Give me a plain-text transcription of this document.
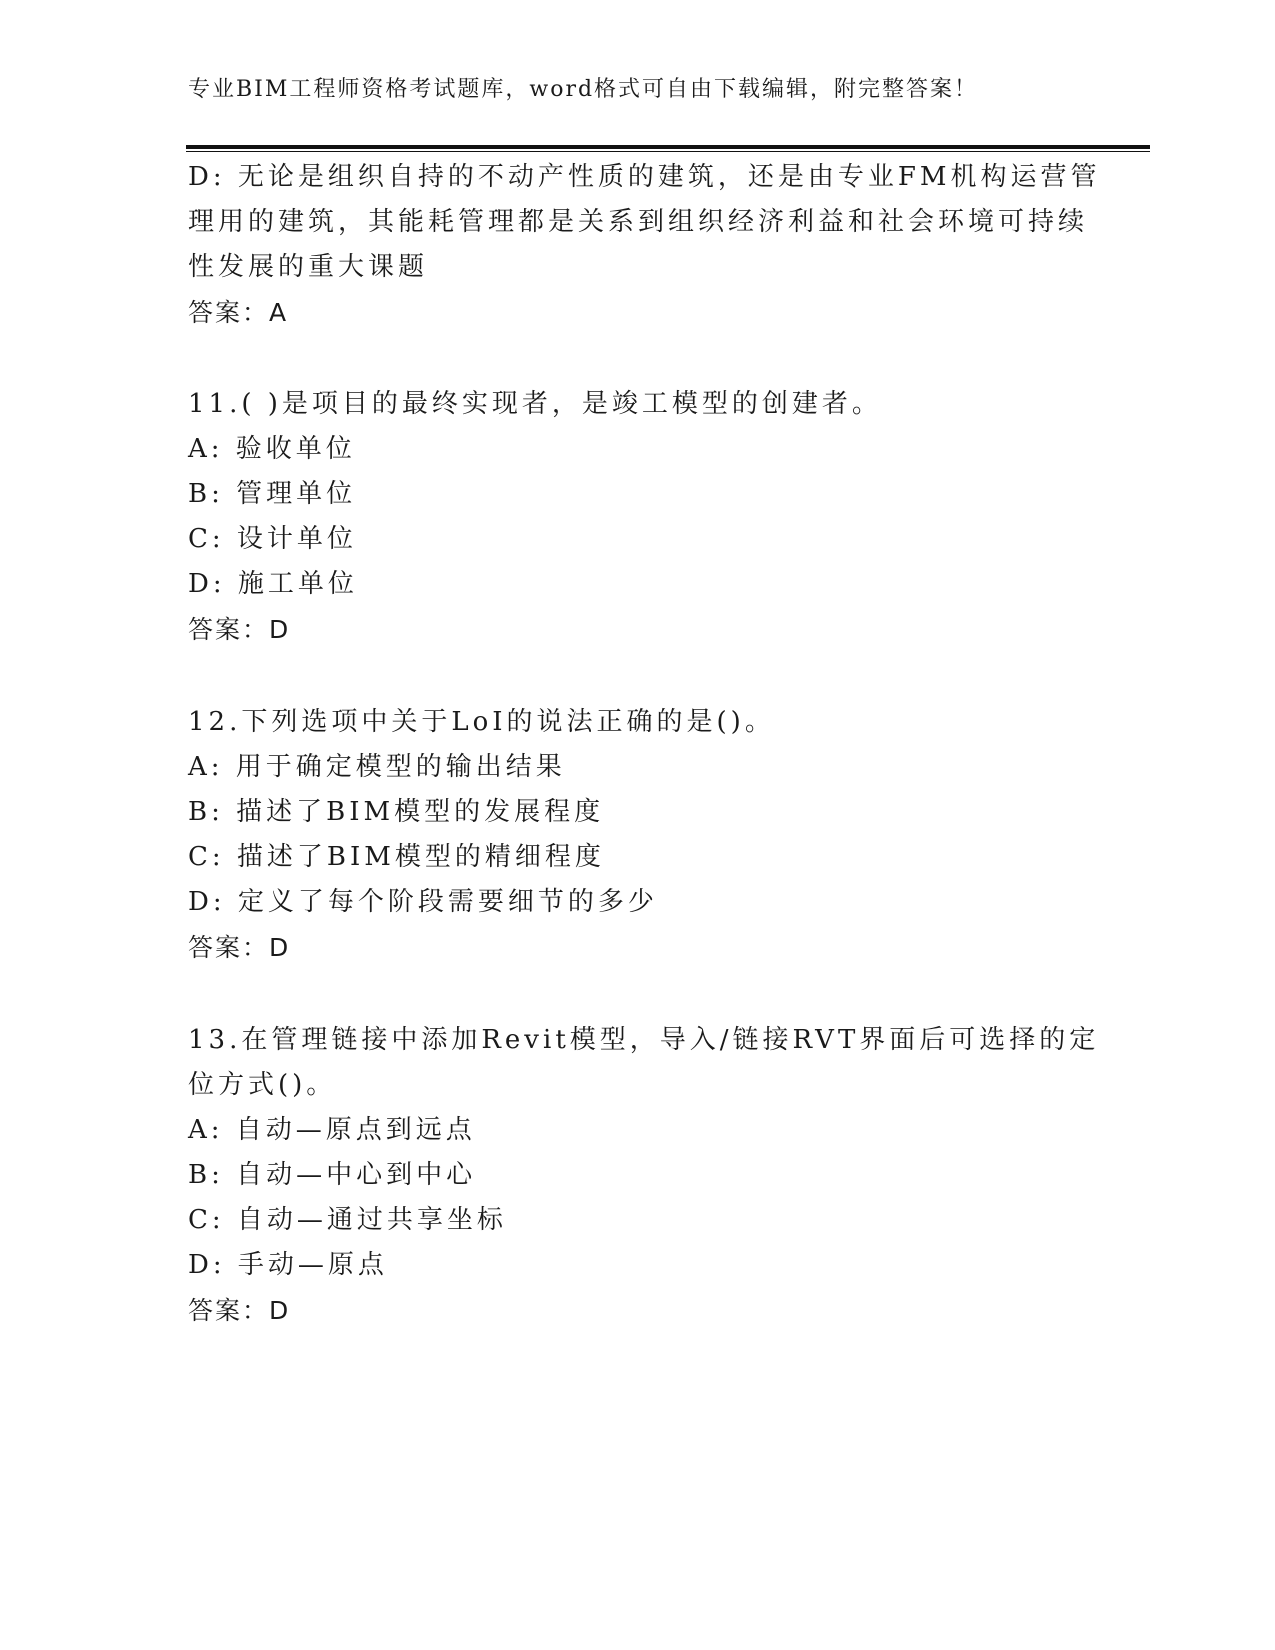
专业BIM工程师资格考试题库，word格式可自由下载编辑，附完整答案！
D: 无论是组织自持的不动产性质的建筑，还是由专业FM机构运营管
理用的建筑，其能耗管理都是关系到组织经济利益和社会环境可持续
性发展的重大课题
答案：A
11.( )是项目的最终实现者，是竣工模型的创建者。
A: 验收单位
B: 管理单位
C: 设计单位
D: 施工单位
答案：D
12.下列选项中关于LoI的说法正确的是()。
A: 用于确定模型的输出结果
B: 描述了BIM模型的发展程度
C: 描述了BIM模型的精细程度
D: 定义了每个阶段需要细节的多少
答案：D
13.在管理链接中添加Revit模型，导入/链接RVT界面后可选择的定
位方式()。
A: 自动—原点到远点
B: 自动—中心到中心
C: 自动—通过共享坐标
D: 手动—原点
答案：D
